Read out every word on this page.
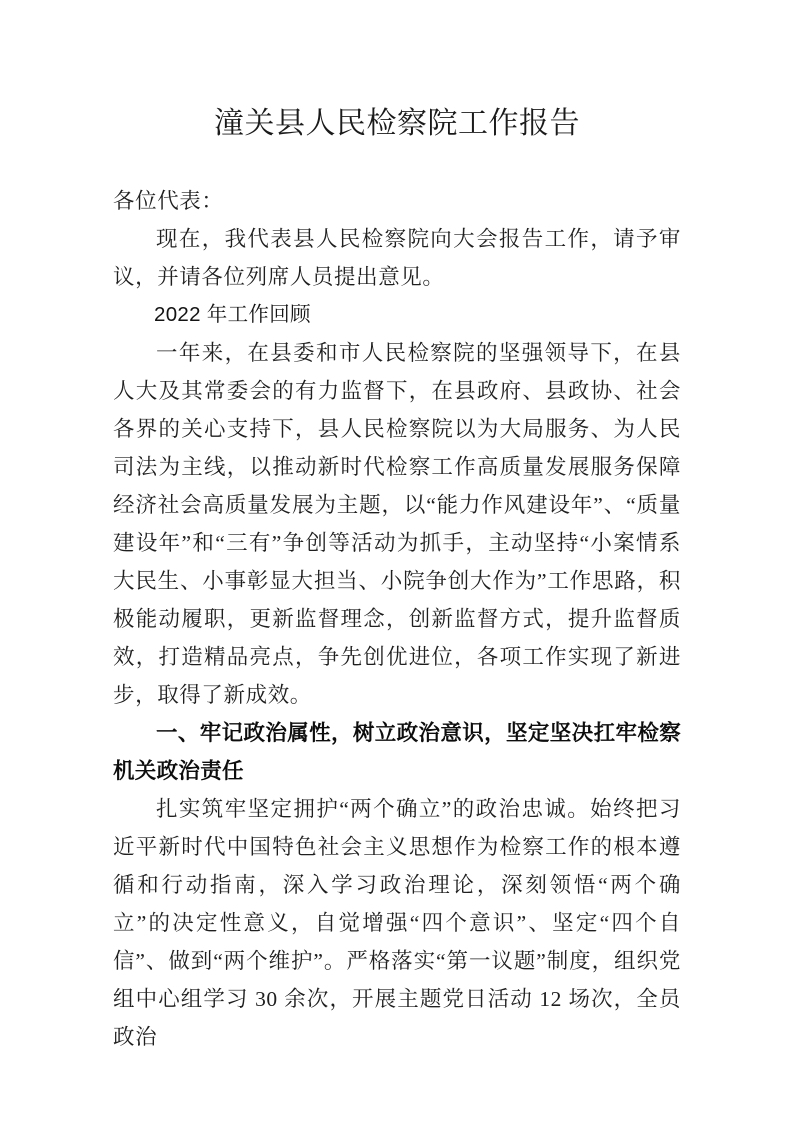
潼关县人民检察院工作报告

各位代表：

现在，我代表县人民检察院向大会报告工作，请予审议，并请各位列席人员提出意见。

2022 年工作回顾

一年来，在县委和市人民检察院的坚强领导下，在县人大及其常委会的有力监督下，在县政府、县政协、社会各界的关心支持下，县人民检察院以为大局服务、为人民司法为主线，以推动新时代检察工作高质量发展服务保障经济社会高质量发展为主题，以“能力作风建设年”、“质量建设年”和“三有”争创等活动为抓手，主动坚持“小案情系大民生、小事彰显大担当、小院争创大作为”工作思路，积极能动履职，更新监督理念，创新监督方式，提升监督质效，打造精品亮点，争先创优进位，各项工作实现了新进步，取得了新成效。

一、牢记政治属性，树立政治意识，坚定坚决扛牢检察机关政治责任

扎实筑牢坚定拥护“两个确立”的政治忠诚。始终把习近平新时代中国特色社会主义思想作为检察工作的根本遵循和行动指南，深入学习政治理论，深刻领悟“两个确立”的决定性意义，自觉增强“四个意识”、坚定“四个自信”、做到“两个维护”。严格落实“第一议题”制度，组织党组中心组学习 30 余次，开展主题党日活动 12 场次，全员政治
